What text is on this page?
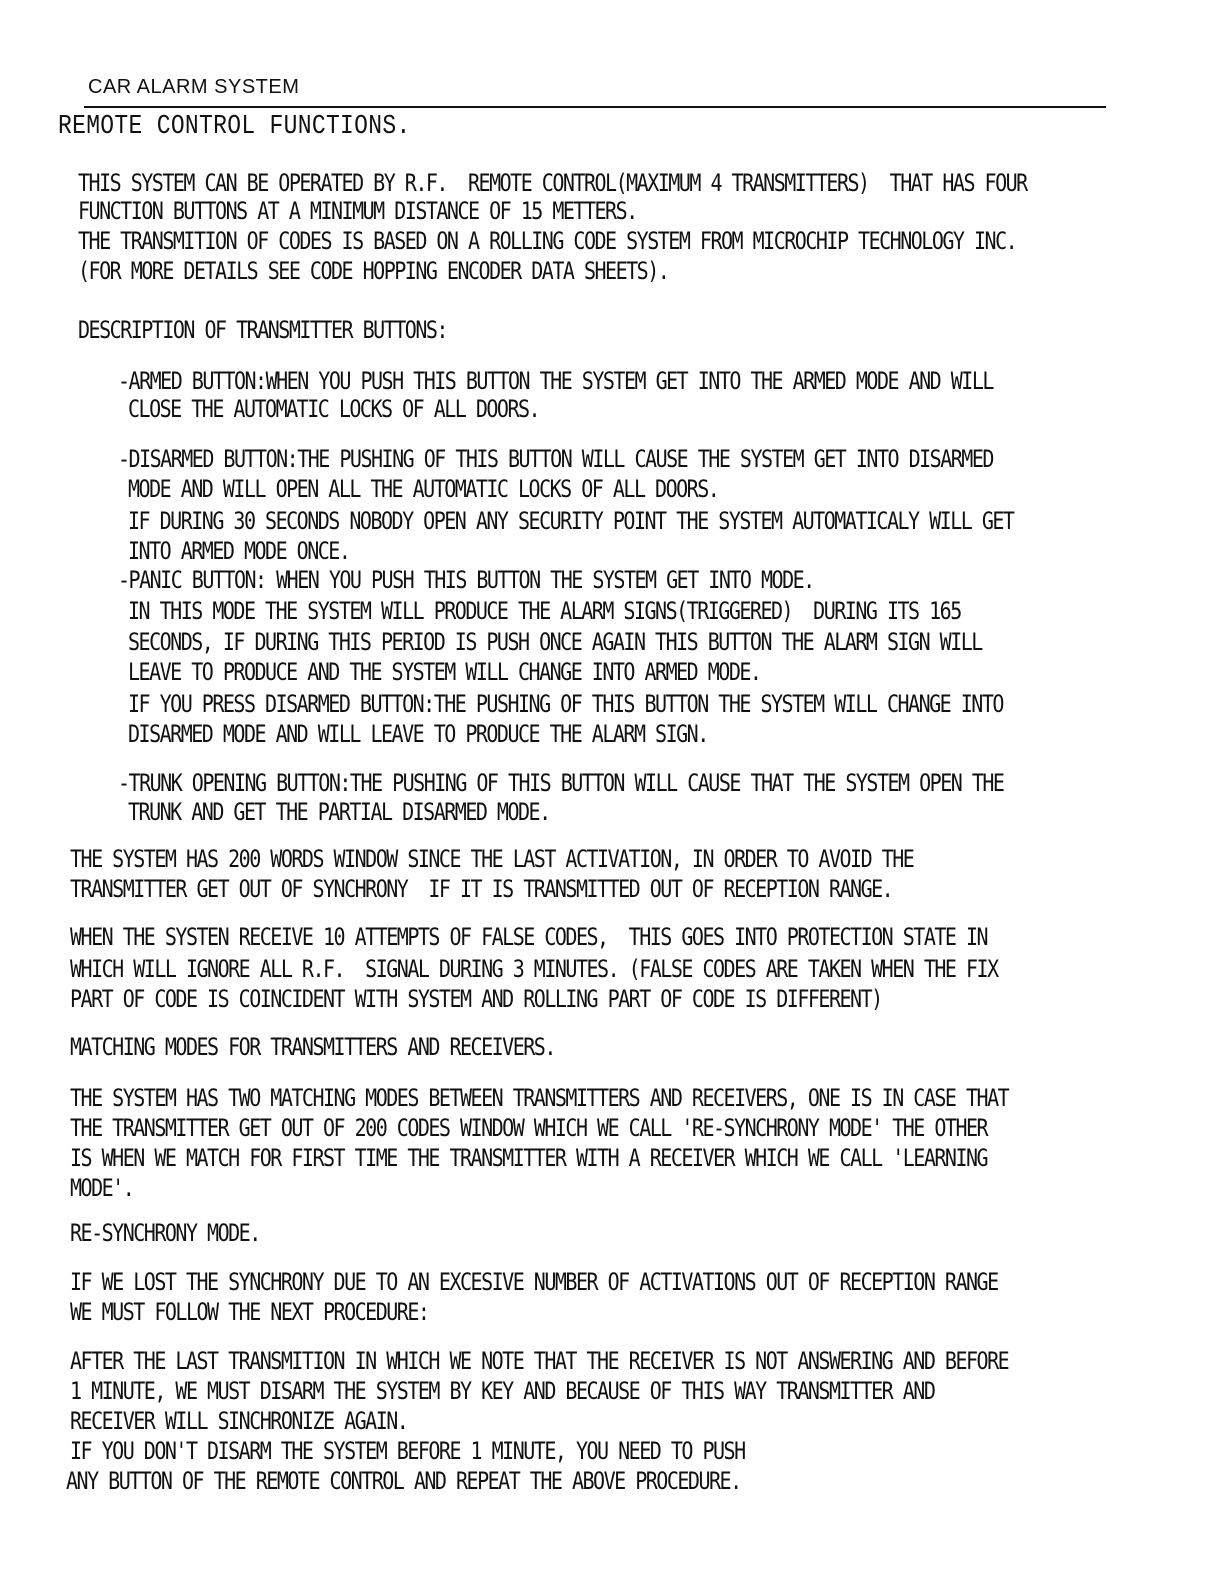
CAR ALARM SYSTEM
REMOTE CONTROL FUNCTIONS.
THIS SYSTEM CAN BE OPERATED BY R.F.  REMOTE CONTROL(MAXIMUM 4 TRANSMITTERS)  THAT HAS FOUR
FUNCTION BUTTONS AT A MINIMUM DISTANCE OF 15 METTERS.
THE TRANSMITION OF CODES IS BASED ON A ROLLING CODE SYSTEM FROM MICROCHIP TECHNOLOGY INC.
(FOR MORE DETAILS SEE CODE HOPPING ENCODER DATA SHEETS).
DESCRIPTION OF TRANSMITTER BUTTONS:
-ARMED BUTTON:WHEN YOU PUSH THIS BUTTON THE SYSTEM GET INTO THE ARMED MODE AND WILL
CLOSE THE AUTOMATIC LOCKS OF ALL DOORS.
-DISARMED BUTTON:THE PUSHING OF THIS BUTTON WILL CAUSE THE SYSTEM GET INTO DISARMED
MODE AND WILL OPEN ALL THE AUTOMATIC LOCKS OF ALL DOORS.
IF DURING 30 SECONDS NOBODY OPEN ANY SECURITY POINT THE SYSTEM AUTOMATICALY WILL GET
INTO ARMED MODE ONCE.
-PANIC BUTTON: WHEN YOU PUSH THIS BUTTON THE SYSTEM GET INTO MODE.
IN THIS MODE THE SYSTEM WILL PRODUCE THE ALARM SIGNS(TRIGGERED)  DURING ITS 165
SECONDS, IF DURING THIS PERIOD IS PUSH ONCE AGAIN THIS BUTTON THE ALARM SIGN WILL
LEAVE TO PRODUCE AND THE SYSTEM WILL CHANGE INTO ARMED MODE.
IF YOU PRESS DISARMED BUTTON:THE PUSHING OF THIS BUTTON THE SYSTEM WILL CHANGE INTO
DISARMED MODE AND WILL LEAVE TO PRODUCE THE ALARM SIGN.
-TRUNK OPENING BUTTON:THE PUSHING OF THIS BUTTON WILL CAUSE THAT THE SYSTEM OPEN THE
TRUNK AND GET THE PARTIAL DISARMED MODE.
THE SYSTEM HAS 200 WORDS WINDOW SINCE THE LAST ACTIVATION, IN ORDER TO AVOID THE
TRANSMITTER GET OUT OF SYNCHRONY  IF IT IS TRANSMITTED OUT OF RECEPTION RANGE.
WHEN THE SYSTEN RECEIVE 10 ATTEMPTS OF FALSE CODES,  THIS GOES INTO PROTECTION STATE IN
WHICH WILL IGNORE ALL R.F.  SIGNAL DURING 3 MINUTES. (FALSE CODES ARE TAKEN WHEN THE FIX
PART OF CODE IS COINCIDENT WITH SYSTEM AND ROLLING PART OF CODE IS DIFFERENT)
MATCHING MODES FOR TRANSMITTERS AND RECEIVERS.
THE SYSTEM HAS TWO MATCHING MODES BETWEEN TRANSMITTERS AND RECEIVERS, ONE IS IN CASE THAT
THE TRANSMITTER GET OUT OF 200 CODES WINDOW WHICH WE CALL 'RE-SYNCHRONY MODE' THE OTHER
IS WHEN WE MATCH FOR FIRST TIME THE TRANSMITTER WITH A RECEIVER WHICH WE CALL 'LEARNING
MODE'.
RE-SYNCHRONY MODE.
IF WE LOST THE SYNCHRONY DUE TO AN EXCESIVE NUMBER OF ACTIVATIONS OUT OF RECEPTION RANGE
WE MUST FOLLOW THE NEXT PROCEDURE:
AFTER THE LAST TRANSMITION IN WHICH WE NOTE THAT THE RECEIVER IS NOT ANSWERING AND BEFORE
1 MINUTE, WE MUST DISARM THE SYSTEM BY KEY AND BECAUSE OF THIS WAY TRANSMITTER AND
RECEIVER WILL SINCHRONIZE AGAIN.
IF YOU DON'T DISARM THE SYSTEM BEFORE 1 MINUTE, YOU NEED TO PUSH
ANY BUTTON OF THE REMOTE CONTROL AND REPEAT THE ABOVE PROCEDURE.
